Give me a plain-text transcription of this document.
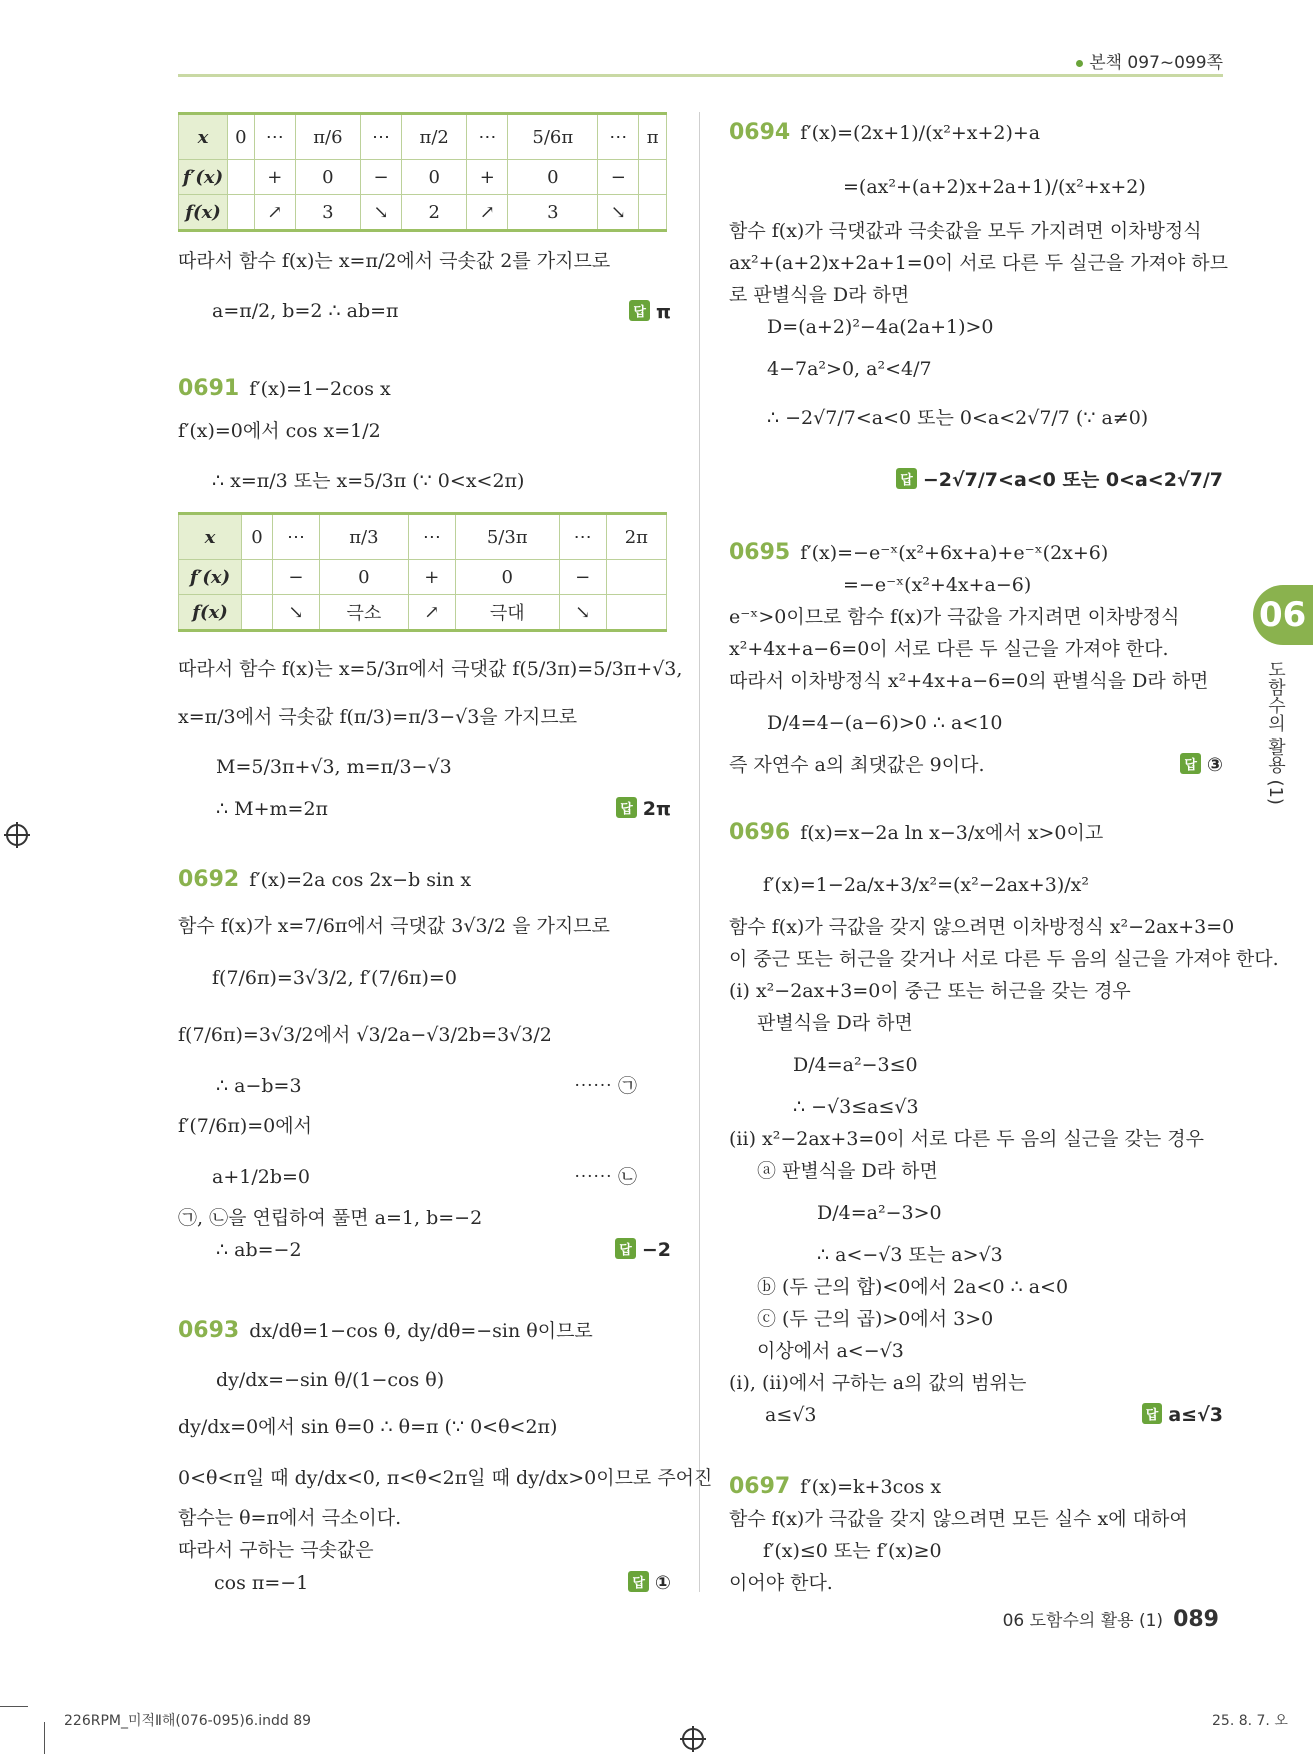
본책 097~099쪽
x	0	⋯	π/6	⋯	π/2	⋯	5/6π	⋯	π
f′(x)		+	0	−	0	+	0	−	
f(x)		↗	3	↘	2	↗	3	↘	
따라서 함수 f(x)는 x=π/2에서 극솟값 2를 가지므로
a=π/2, b=2 ∴ ab=π	답 π
0691 f′(x)=1−2cos x
f′(x)=0에서 cos x=1/2
∴ x=π/3 또는 x=5/3π (∵ 0<x<2π)
x	0	⋯	π/3	⋯	5/3π	⋯	2π
f′(x)		−	0	+	0	−	
f(x)		↘	극소	↗	극대	↘	
따라서 함수 f(x)는 x=5/3π에서 극댓값 f(5/3π)=5/3π+√3,
x=π/3에서 극솟값 f(π/3)=π/3−√3을 가지므로
M=5/3π+√3, m=π/3−√3
∴ M+m=2π	답 2π
0692 f′(x)=2a cos 2x−b sin x
함수 f(x)가 x=7/6π에서 극댓값 3√3/2 을 가지므로
f(7/6π)=3√3/2, f′(7/6π)=0
f(7/6π)=3√3/2에서 √3/2a−√3/2b=3√3/2
∴ a−b=3	⋯⋯ ㉠
f′(7/6π)=0에서
a+1/2b=0	⋯⋯ ㉡
㉠, ㉡을 연립하여 풀면 a=1, b=−2
∴ ab=−2	답 −2
0693 dx/dθ=1−cos θ, dy/dθ=−sin θ이므로
dy/dx=−sin θ/(1−cos θ)
dy/dx=0에서 sin θ=0 ∴ θ=π (∵ 0<θ<2π)
0<θ<π일 때 dy/dx<0, π<θ<2π일 때 dy/dx>0이므로 주어진
함수는 θ=π에서 극소이다.
따라서 구하는 극솟값은
cos π=−1	답 ①
0694 f′(x)=(2x+1)/(x²+x+2)+a
=(ax²+(a+2)x+2a+1)/(x²+x+2)
함수 f(x)가 극댓값과 극솟값을 모두 가지려면 이차방정식
ax²+(a+2)x+2a+1=0이 서로 다른 두 실근을 가져야 하므
로 판별식을 D라 하면
D=(a+2)²−4a(2a+1)>0
4−7a²>0, a²<4/7
∴ −2√7/7<a<0 또는 0<a<2√7/7 (∵ a≠0)
답 −2√7/7<a<0 또는 0<a<2√7/7
0695 f′(x)=−e⁻ˣ(x²+6x+a)+e⁻ˣ(2x+6)
=−e⁻ˣ(x²+4x+a−6)
e⁻ˣ>0이므로 함수 f(x)가 극값을 가지려면 이차방정식
x²+4x+a−6=0이 서로 다른 두 실근을 가져야 한다.
따라서 이차방정식 x²+4x+a−6=0의 판별식을 D라 하면
D/4=4−(a−6)>0 ∴ a<10
즉 자연수 a의 최댓값은 9이다.	답 ③
0696 f(x)=x−2a ln x−3/x에서 x>0이고
f′(x)=1−2a/x+3/x²=(x²−2ax+3)/x²
함수 f(x)가 극값을 갖지 않으려면 이차방정식 x²−2ax+3=0
이 중근 또는 허근을 갖거나 서로 다른 두 음의 실근을 가져야 한다.
(i) x²−2ax+3=0이 중근 또는 허근을 갖는 경우
판별식을 D라 하면
D/4=a²−3≤0
∴ −√3≤a≤√3
(ii) x²−2ax+3=0이 서로 다른 두 음의 실근을 갖는 경우
ⓐ 판별식을 D라 하면
D/4=a²−3>0
∴ a<−√3 또는 a>√3
ⓑ (두 근의 합)<0에서 2a<0 ∴ a<0
ⓒ (두 근의 곱)>0에서 3>0
이상에서 a<−√3
(i), (ii)에서 구하는 a의 값의 범위는
a≤√3	답 a≤√3
0697 f′(x)=k+3cos x
함수 f(x)가 극값을 갖지 않으려면 모든 실수 x에 대하여
f′(x)≤0 또는 f′(x)≥0
이어야 한다.
06
도함수의 활용 (1)
06 도함수의 활용 (1) 089
226RPM_미적Ⅱ해(076-095)6.indd 89	25. 8. 7. 오
